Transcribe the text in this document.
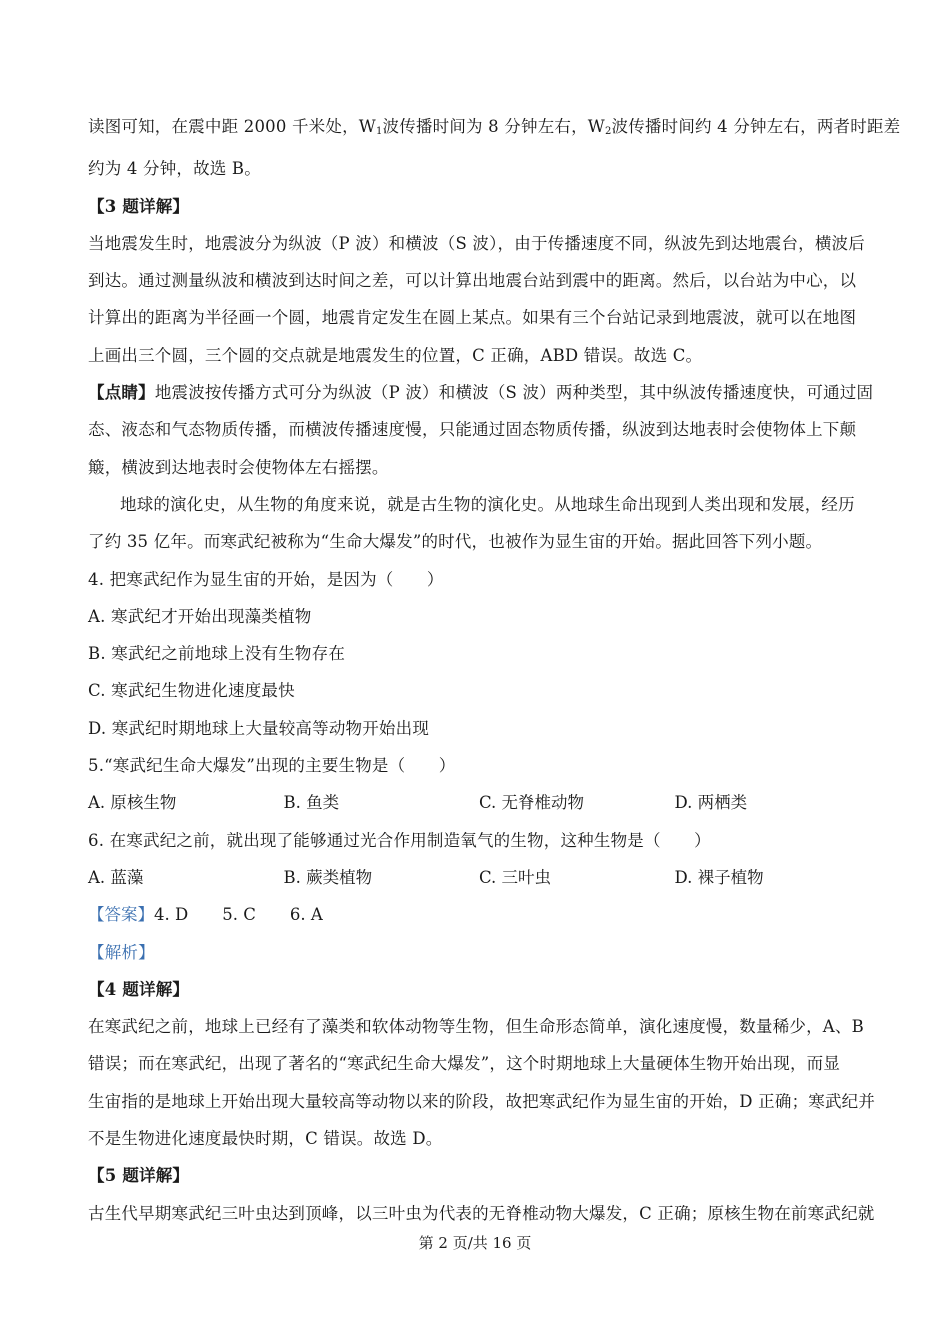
读图可知，在震中距 2000 千米处，$W_1$波传播时间为 8 分钟左右，$W_2$波传播时间约 4 分钟左右，两者时距差

约为 4 分钟，故选 B。

【3 题详解】

当地震发生时，地震波分为纵波（P 波）和横波（S 波），由于传播速度不同，纵波先到达地震台，横波后

到达。通过测量纵波和横波到达时间之差，可以计算出地震台站到震中的距离。然后，以台站为中心，以

计算出的距离为半径画一个圆，地震肯定发生在圆上某点。如果有三个台站记录到地震波，就可以在地图

上画出三个圆，三个圆的交点就是地震发生的位置，C 正确，ABD 错误。故选 C。

【点睛】地震波按传播方式可分为纵波（P 波）和横波（S 波）两种类型，其中纵波传播速度快，可通过固

态、液态和气态物质传播，而横波传播速度慢，只能通过固态物质传播，纵波到达地表时会使物体上下颠

簸，横波到达地表时会使物体左右摇摆。

地球的演化史，从生物的角度来说，就是古生物的演化史。从地球生命出现到人类出现和发展，经历

了约 35 亿年。而寒武纪被称为“生命大爆发”的时代，也被作为显生宙的开始。据此回答下列小题。

4. 把寒武纪作为显生宙的开始，是因为（　　）

A. 寒武纪才开始出现藻类植物

B. 寒武纪之前地球上没有生物存在

C. 寒武纪生物进化速度最快

D. 寒武纪时期地球上大量较高等动物开始出现

5.“寒武纪生命大爆发”出现的主要生物是（　　）

A. 原核生物	B. 鱼类	C. 无脊椎动物	D. 两栖类

6. 在寒武纪之前，就出现了能够通过光合作用制造氧气的生物，这种生物是（　　）

A. 蓝藻	B. 蕨类植物	C. 三叶虫	D. 裸子植物
【答案】4. D 5. C 6. A

【解析】

【4 题详解】

在寒武纪之前，地球上已经有了藻类和软体动物等生物，但生命形态简单，演化速度慢，数量稀少，A、B

错误；而在寒武纪，出现了著名的“寒武纪生命大爆发”，这个时期地球上大量硬体生物开始出现，而显

生宙指的是地球上开始出现大量较高等动物以来的阶段，故把寒武纪作为显生宙的开始，D 正确；寒武纪并

不是生物进化速度最快时期，C 错误。故选 D。

【5 题详解】

古生代早期寒武纪三叶虫达到顶峰，以三叶虫为代表的无脊椎动物大爆发，C 正确；原核生物在前寒武纪就

第 2 页/共 16 页
